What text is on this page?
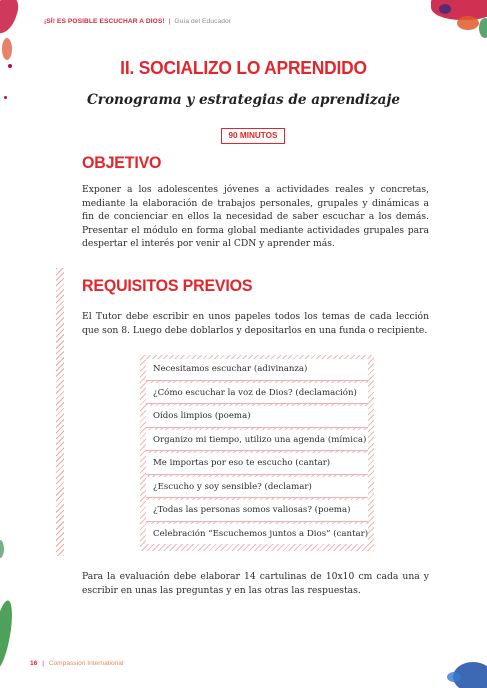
¡SÍ! ES POSIBLE ESCUCHAR A DIOS! | Guía del Educador
II. SOCIALIZO LO APRENDIDO
Cronograma y estrategias de aprendizaje
90 MINUTOS
OBJETIVO
Exponer a los adolescentes jóvenes a actividades reales y concretas, mediante la elaboración de trabajos personales, grupales y dinámicas a fin de concienciar en ellos la necesidad de saber escuchar a los demás. Presentar el módulo en forma global mediante actividades grupales para despertar el interés por venir al CDN y aprender más.
REQUISITOS PREVIOS
El Tutor debe escribir en unos papeles todos los temas de cada lección que son 8. Luego debe doblarlos y depositarlos en una funda o recipiente.
Necesitamos escuchar (adivinanza)
¿Cómo escuchar la voz de Dios? (declamación)
Oídos limpios (poema)
Organizo mi tiempo, utilizo una agenda (mímica)
Me importas por eso te escucho (cantar)
¿Escucho y soy sensible? (declamar)
¿Todas las personas somos valiosas? (poema)
Celebración “Escuchemos juntos a Dios” (cantar)
Para la evaluación debe elaborar 14 cartulinas de 10x10 cm cada una y escribir en unas las preguntas y en las otras las respuestas.
16 | Compassion International
